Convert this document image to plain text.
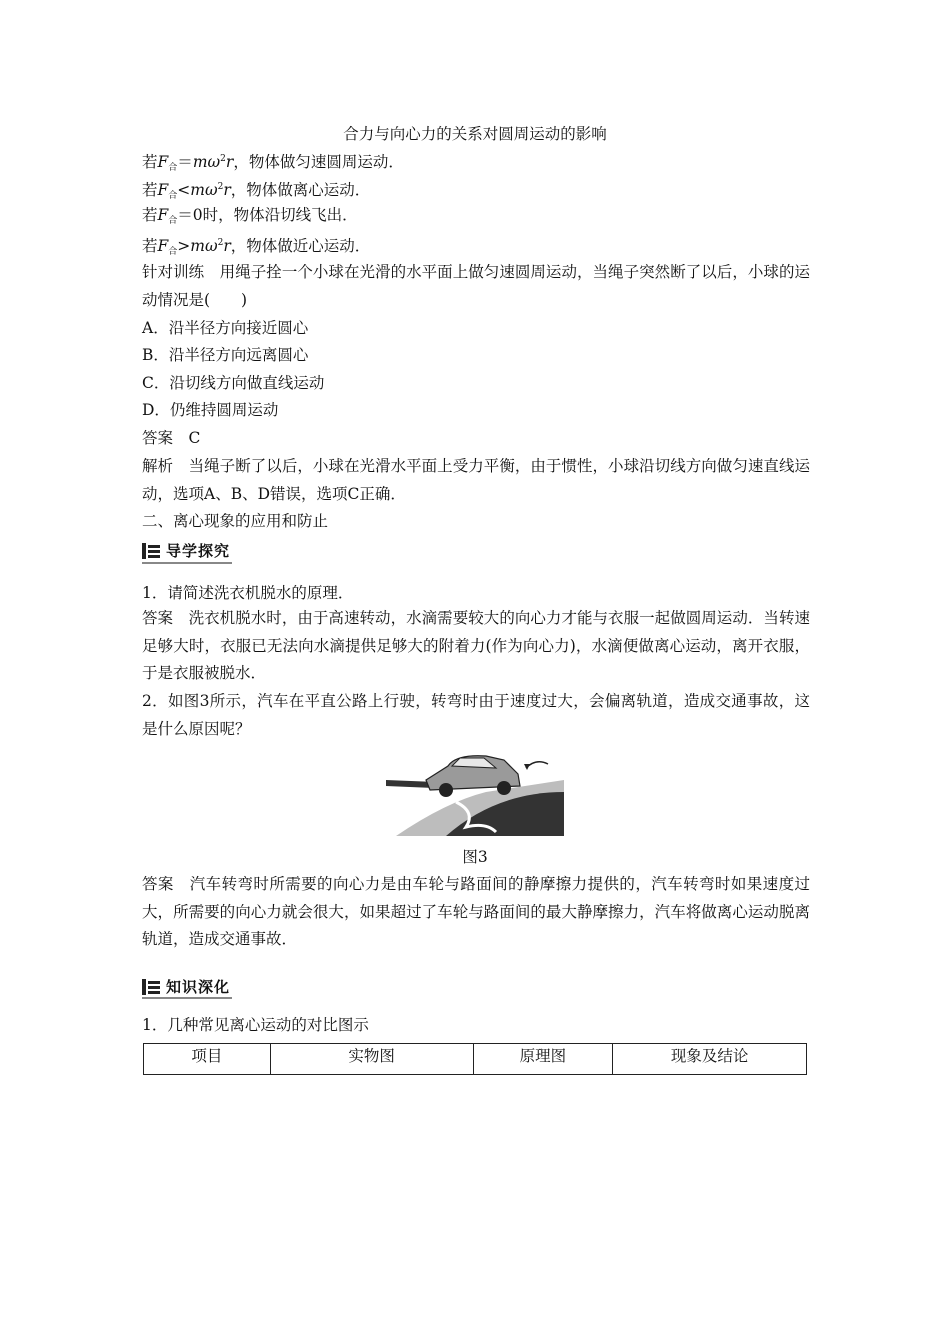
合力与向心力的关系对圆周运动的影响
若$F_合=m\omega^2r$，物体做匀速圆周运动．
若$F_合<m\omega^2r$，物体做离心运动．
若$F_合=0$时，物体沿切线飞出．
若$F_合>m\omega^2r$，物体做近心运动．
针对训练　用绳子拴一个小球在光滑的水平面上做匀速圆周运动，当绳子突然断了以后，小球的运动情况是(　　)
A．沿半径方向接近圆心
B．沿半径方向远离圆心
C．沿切线方向做直线运动
D．仍维持圆周运动
答案　C
解析　当绳子断了以后，小球在光滑水平面上受力平衡，由于惯性，小球沿切线方向做匀速直线运动，选项A、B、D错误，选项C正确．
二、离心现象的应用和防止
导学探究
1．请简述洗衣机脱水的原理．
答案　洗衣机脱水时，由于高速转动，水滴需要较大的向心力才能与衣服一起做圆周运动．当转速足够大时，衣服已无法向水滴提供足够大的附着力(作为向心力)，水滴便做离心运动，离开衣服，于是衣服被脱水．
2．如图3所示，汽车在平直公路上行驶，转弯时由于速度过大，会偏离轨道，造成交通事故，这是什么原因呢？
图3
答案　汽车转弯时所需要的向心力是由车轮与路面间的静摩擦力提供的，汽车转弯时如果速度过大，所需要的向心力就会很大，如果超过了车轮与路面间的最大静摩擦力，汽车将做离心运动脱离轨道，造成交通事故．
知识深化
1．几种常见离心运动的对比图示
项目	实物图	原理图	现象及结论
